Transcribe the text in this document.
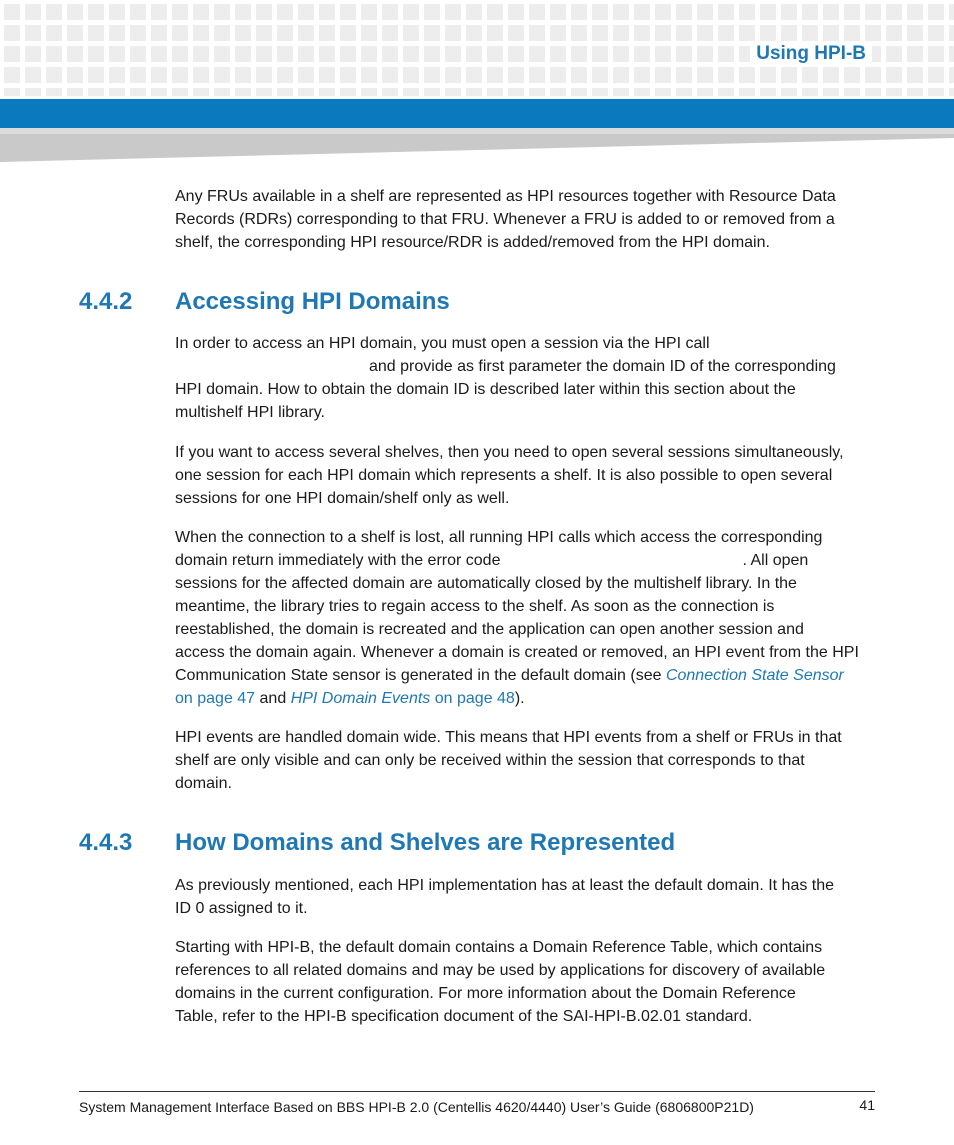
Using HPI-B
Any FRUs available in a shelf are represented as HPI resources together with Resource Data
Records (RDRs) corresponding to that FRU. Whenever a FRU is added to or removed from a
shelf, the corresponding HPI resource/RDR is added/removed from the HPI domain.
4.4.2 Accessing HPI Domains
In order to access an HPI domain, you must open a session via the HPI call
and provide as first parameter the domain ID of the corresponding
HPI domain. How to obtain the domain ID is described later within this section about the
multishelf HPI library.
If you want to access several shelves, then you need to open several sessions simultaneously,
one session for each HPI domain which represents a shelf. It is also possible to open several
sessions for one HPI domain/shelf only as well.
When the connection to a shelf is lost, all running HPI calls which access the corresponding
domain return immediately with the error code	. All open
sessions for the affected domain are automatically closed by the multishelf library. In the
meantime, the library tries to regain access to the shelf. As soon as the connection is
reestablished, the domain is recreated and the application can open another session and
access the domain again. Whenever a domain is created or removed, an HPI event from the HPI
Communication State sensor is generated in the default domain (see Connection State Sensor
on page 47 and HPI Domain Events on page 48).
HPI events are handled domain wide. This means that HPI events from a shelf or FRUs in that
shelf are only visible and can only be received within the session that corresponds to that
domain.
4.4.3 How Domains and Shelves are Represented
As previously mentioned, each HPI implementation has at least the default domain. It has the
ID 0 assigned to it.
Starting with HPI-B, the default domain contains a Domain Reference Table, which contains
references to all related domains and may be used by applications for discovery of available
domains in the current configuration. For more information about the Domain Reference
Table, refer to the HPI-B specification document of the SAI-HPI-B.02.01 standard.
System Management Interface Based on BBS HPI-B 2.0 (Centellis 4620/4440) User’s Guide (6806800P21D)	41
